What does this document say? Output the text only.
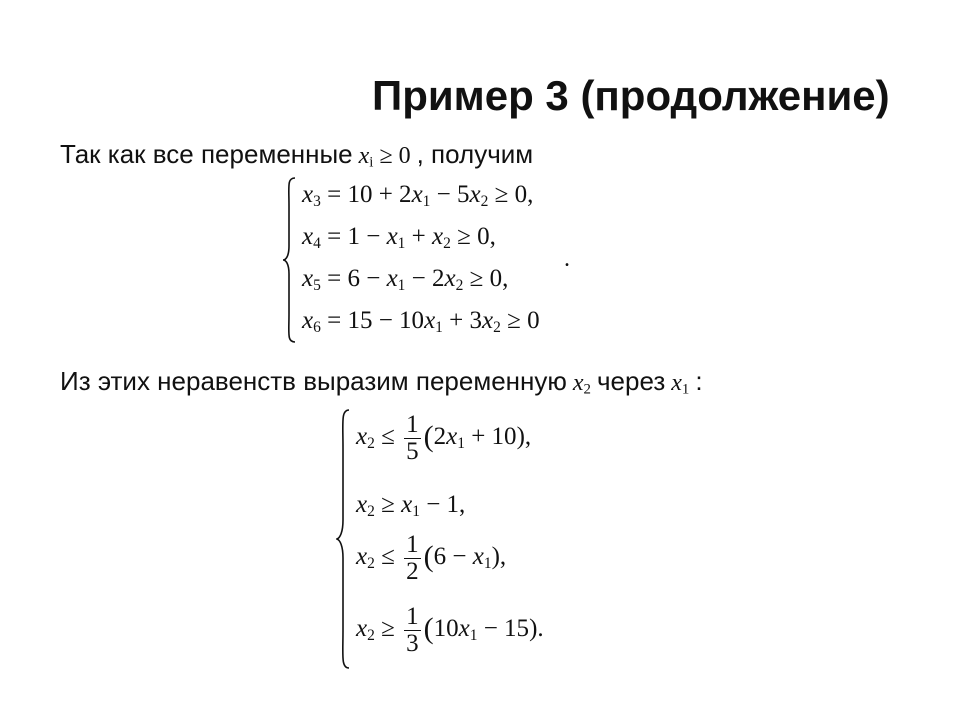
Пример 3 (продолжение)
Так как все переменные $x_i \ge 0$ , получим
$x_3 = 10 + 2x_1 - 5x_2 \ge 0$,
$x_4 = 1 - x_1 + x_2 \ge 0$,
$x_5 = 6 - x_1 - 2x_2 \ge 0$,
$x_6 = 15 - 10x_1 + 3x_2 \ge 0$
.
Из этих неравенств выразим переменную $x_2$ через $x_1$ :
$x_2 \le \frac{1}{5} (2x_1 + 10)$,
$x_2 \ge x_1 - 1$,
$x_2 \le \frac{1}{2} (6 - x_1)$,
$x_2 \ge \frac{1}{3} (10x_1 - 15)$.
